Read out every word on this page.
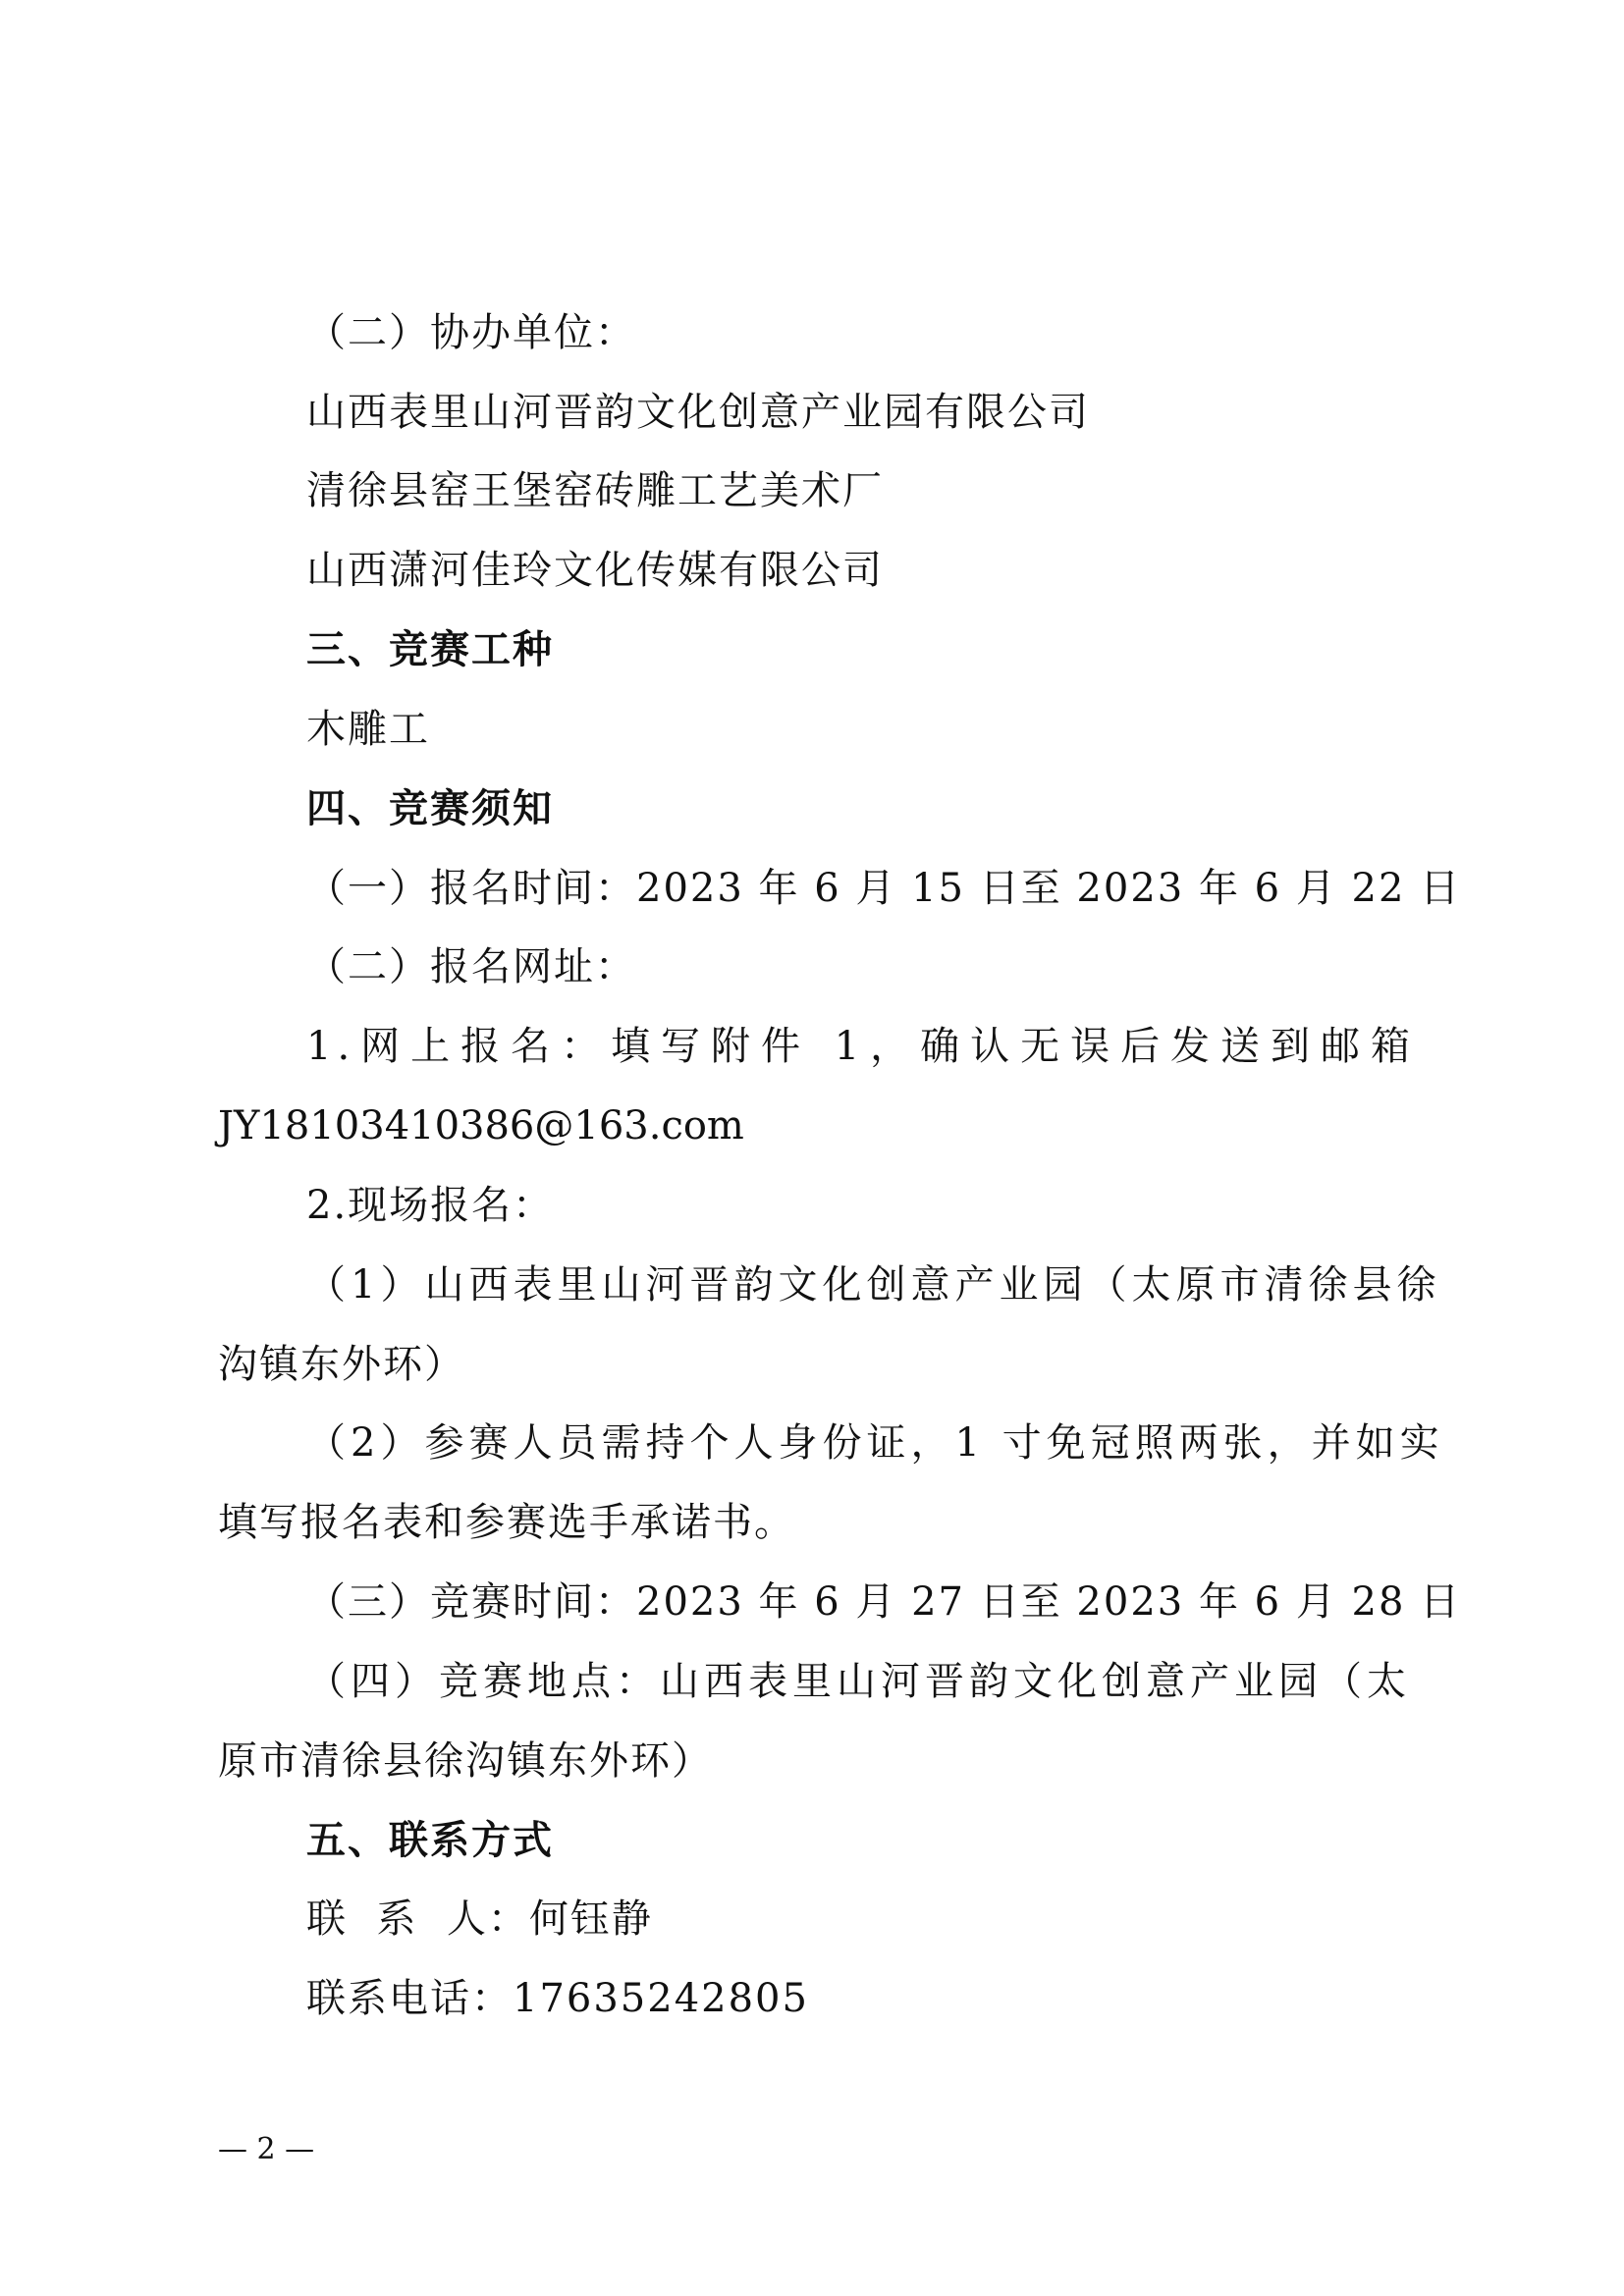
（二）协办单位：
山西表里山河晋韵文化创意产业园有限公司
清徐县窑王堡窑砖雕工艺美术厂
山西潇河佳玲文化传媒有限公司
三、竞赛工种
木雕工
四、竞赛须知
（一）报名时间：2023 年 6 月 15 日至 2023 年 6 月 22 日
（二）报名网址：
1.网上报名：填写附件 1，确认无误后发送到邮箱
JY18103410386@163.com
2.现场报名：
（1）山西表里山河晋韵文化创意产业园（太原市清徐县徐
沟镇东外环）
（2）参赛人员需持个人身份证，1 寸免冠照两张，并如实
填写报名表和参赛选手承诺书。
（三）竞赛时间：2023 年 6 月 27 日至 2023 年 6 月 28 日
（四）竞赛地点：山西表里山河晋韵文化创意产业园（太
原市清徐县徐沟镇东外环）
五、联系方式
联  系  人：何钰静
联系电话：17635242805
— 2 —
